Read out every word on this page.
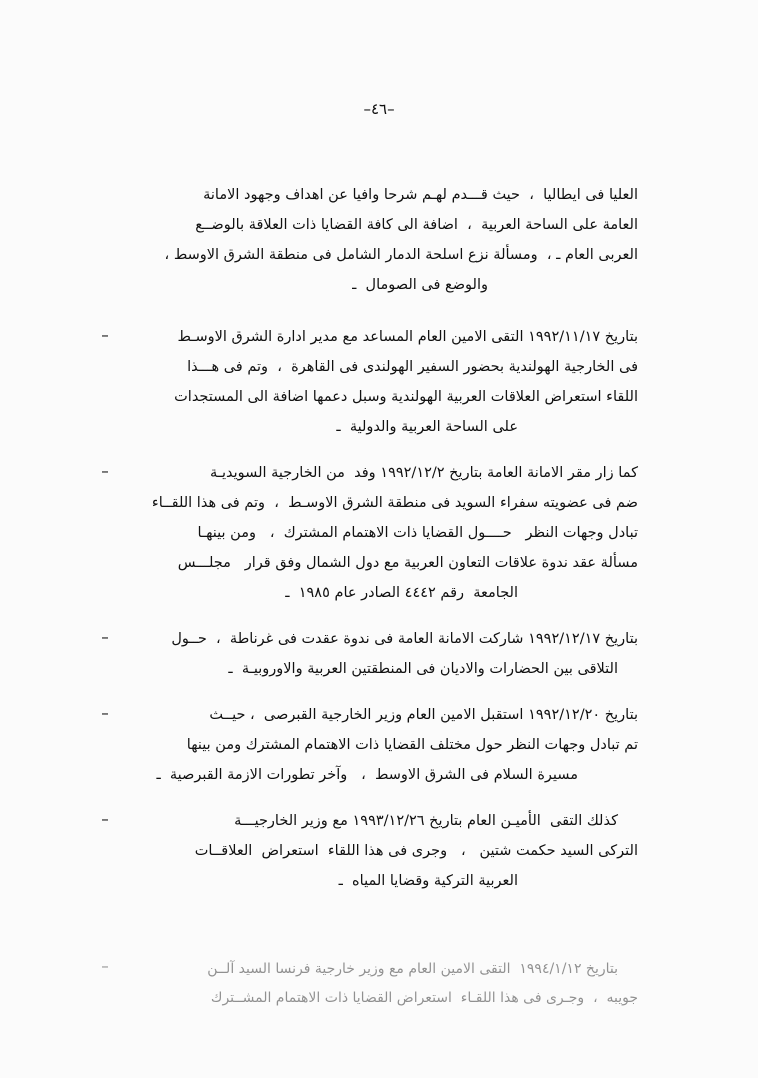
–٤٦–
العليا فى ايطاليا  ،  حيث قـــدم لهـم شرحا وافيا عن اهداف وجهود الامانة
العامة على الساحة العربية  ،  اضافة الى كافة القضايا ذات العلاقة بالوضــع
العربى العام ـ ،  ومسألة نزع اسلحة الدمار الشامل فى منطقة الشرق الاوسط ،
والوضع فى الصومال  ـ
–	بتاريخ ١٩٩٢/١١/١٧ التقى الامين العام المساعد مع مدير ادارة الشرق الاوسـط
فى الخارجية الهولندية بحضور السفير الهولندى فى القاهرة  ،  وتم فى هـــذا
اللقاء استعراض العلاقات العربية الهولندية وسبل دعمها اضافة الى المستجدات
على الساحة العربية والدولية  ـ
–	كما زار مقر الامانة العامة بتاريخ ١٩٩٢/١٢/٢ وفد  من الخارجية السويديـة
ضم فى عضويته سفراء السويد فى منطقة الشرق الاوسـط  ،  وتم فى هذا اللقــاء
تبادل وجهات النظر   حــــول القضايا ذات الاهتمام المشترك  ،   ومن بينهـا
مسألة عقد ندوة علاقات التعاون العربية مع دول الشمال وفق قرار   مجلـــس
الجامعة  رقم ٤٤٤٢ الصادر عام ١٩٨٥  ـ
–	بتاريخ ١٩٩٢/١٢/١٧ شاركت الامانة العامة فى ندوة عقدت فى غرناطة  ،  حــول
التلاقى بين الحضارات والاديان فى المنطقتين العربية والاوروبيـة  ـ
–	بتاريخ ١٩٩٢/١٢/٢٠ استقبل الامين العام وزير الخارجية القبرصى  ، حيــث
تم تبادل وجهات النظر حول مختلف القضايا ذات الاهتمام المشترك ومن بينها
مسيرة السلام فى الشرق الاوسط  ،   وآخر تطورات الازمة القبرصية  ـ
–	كذلك التقى  الأميـن العام بتاريخ ١٩٩٣/١٢/٢٦ مع وزير الخارجيـــة
التركى السيد حكمت شتين   ،   وجرى فى هذا اللقاء  استعراض  العلاقــات
العربية التركية وقضايا المياه  ـ
–	بتاريخ ١٩٩٤/١/١٢  التقى الامين العام مع وزير خارجية فرنسا السيد آلــن
جويبه  ،  وجـرى فى هذا اللقـاء  استعراض القضايا ذات الاهتمام المشــترك
